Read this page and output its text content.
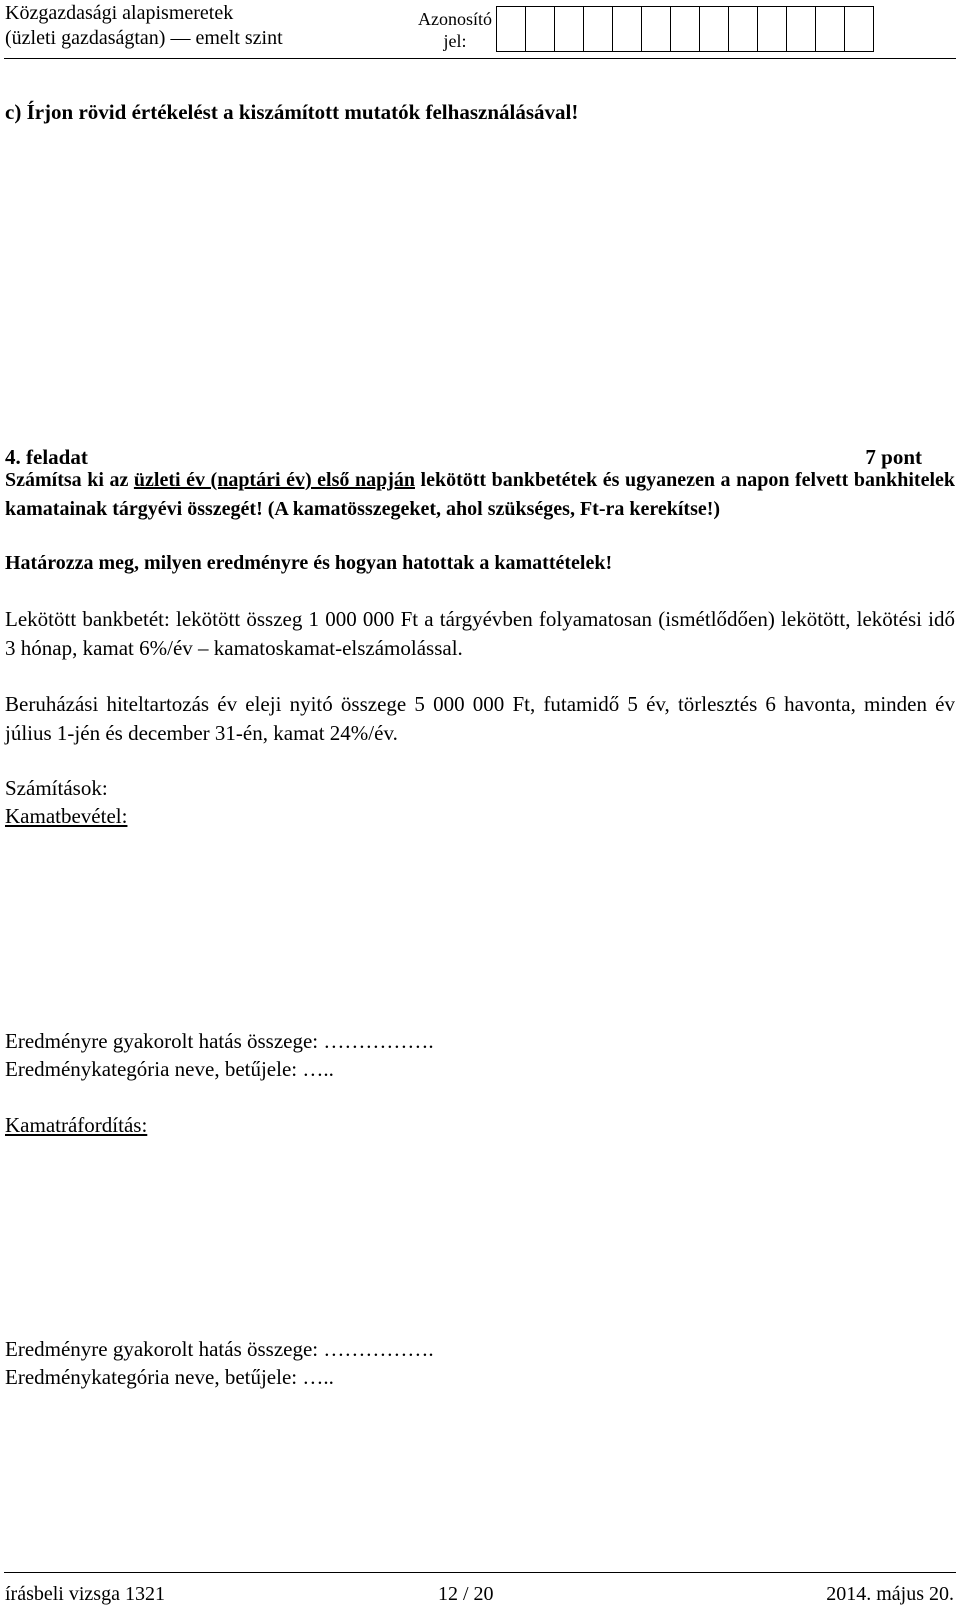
Közgazdasági alapismeretek
(üzleti gazdaságtan) — emelt szint
Azonosító
jel:
c) Írjon rövid értékelést a kiszámított mutatók felhasználásával!
4. feladat	7 pont
Számítsa ki az üzleti év (naptári év) első napján lekötött bankbetétek és ugyanezen a napon felvett bankhitelek kamatainak tárgyévi összegét! (A kamatösszegeket, ahol szükséges, Ft-ra kerekítse!)
Határozza meg, milyen eredményre és hogyan hatottak a kamattételek!
Lekötött bankbetét: lekötött összeg 1 000 000 Ft a tárgyévben folyamatosan (ismétlődően) lekötött, lekötési idő 3 hónap, kamat 6%/év – kamatoskamat-elszámolással.
Beruházási hiteltartozás év eleji nyitó összege 5 000 000 Ft, futamidő 5 év, törlesztés 6 havonta, minden év július 1-jén és december 31-én, kamat 24%/év.
Számítások:
Kamatbevétel:
Eredményre gyakorolt hatás összege: …………….
Eredménykategória neve, betűjele: …..
Kamatráfordítás:
Eredményre gyakorolt hatás összege: …………….
Eredménykategória neve, betűjele: …..
írásbeli vizsga 1321	12 / 20	2014. május 20.
